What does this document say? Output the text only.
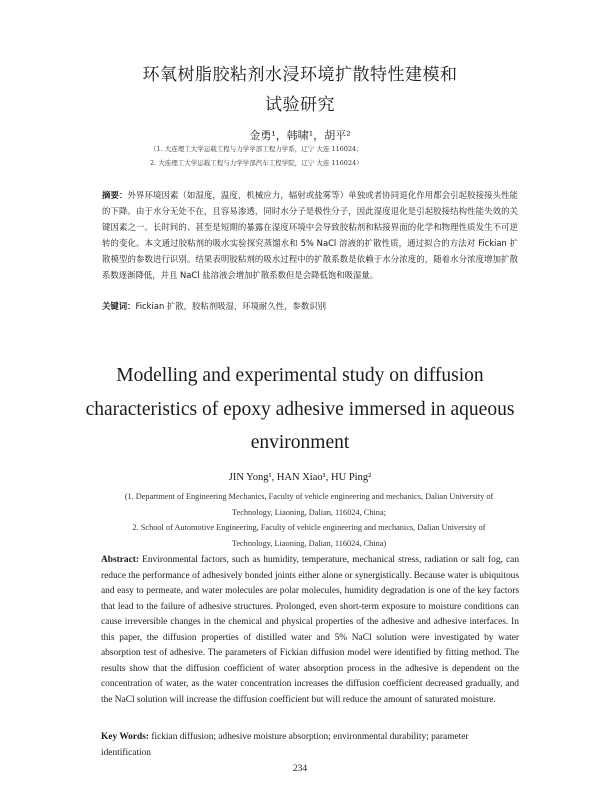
环氧树脂胶粘剂水浸环境扩散特性建模和
试验研究
金勇¹，韩啸¹，胡平²
（1. 大连理工大学运载工程与力学学部工程力学系，辽宁 大连 116024；
2. 大连理工大学运载工程与力学学部汽车工程学院，辽宁 大连 116024）
摘要：外界环境因素（如湿度，温度，机械应力，辐射或盐雾等）单独或者协同退化作用都会引起胶接接头性能的下降。由于水分无处不在，且容易渗透，同时水分子是极性分子，因此湿度退化是引起胶接结构性能失效的关键因素之一。长时间的、甚至是短期的暴露在湿度环境中会导致胶粘剂和粘接界面的化学和物理性质发生不可逆转的变化。本文通过胶粘剂的吸水实验探究蒸馏水和 5% NaCl 溶液的扩散性质，通过拟合的方法对 Fickian 扩散模型的参数进行识别。结果表明胶粘剂的吸水过程中的扩散系数是依赖于水分浓度的，随着水分浓度增加扩散系数逐渐降低，并且 NaCl 盐溶液会增加扩散系数但是会降低饱和吸湿量。
关键词：Fickian 扩散，胶粘剂吸湿，环境耐久性，参数识别
Modelling and experimental study on diffusion
characteristics of epoxy adhesive immersed in aqueous
environment
JIN Yong¹, HAN Xiao¹, HU Ping²
(1. Department of Engineering Mechanics, Faculty of vehicle engineering and mechanics, Dalian University of Technology, Liaoning, Dalian, 116024, China;
2. School of Automotive Engineering, Faculty of vehicle engineering and mechanics, Dalian University of Technology, Liaoning, Dalian, 116024, China)
Abstract: Environmental factors, such as humidity, temperature, mechanical stress, radiation or salt fog, can reduce the performance of adhesively bonded joints either alone or synergistically. Because water is ubiquitous and easy to permeate, and water molecules are polar molecules, humidity degradation is one of the key factors that lead to the failure of adhesive structures. Prolonged, even short-term exposure to moisture conditions can cause irreversible changes in the chemical and physical properties of the adhesive and adhesive interfaces. In this paper, the diffusion properties of distilled water and 5% NaCl solution were investigated by water absorption test of adhesive. The parameters of Fickian diffusion model were identified by fitting method. The results show that the diffusion coefficient of water absorption process in the adhesive is dependent on the concentration of water, as the water concentration increases the diffusion coefficient decreased gradually, and the NaCl solution will increase the diffusion coefficient but will reduce the amount of saturated moisture.
Key Words: fickian diffusion; adhesive moisture absorption; environmental durability; parameter identification
234
